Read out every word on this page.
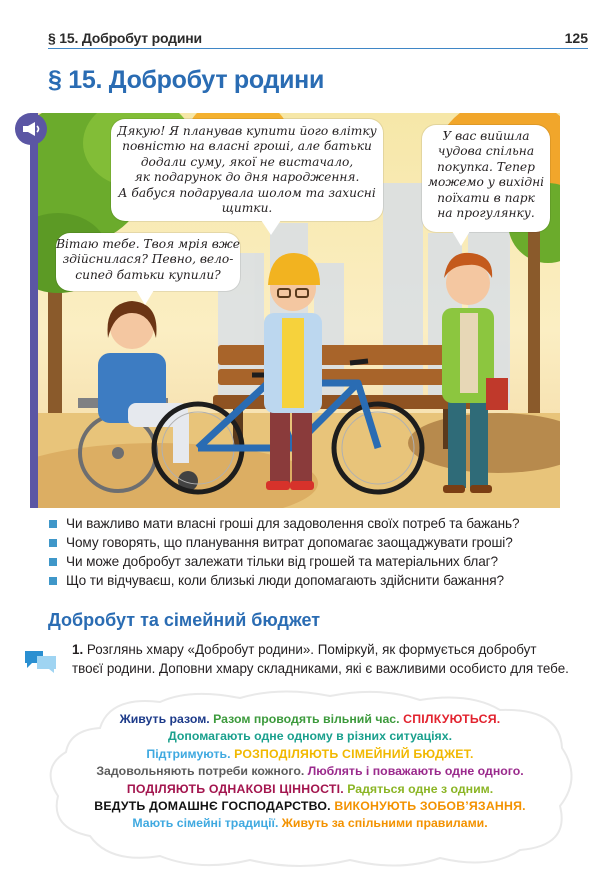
§ 15. Добробут родини	125
§ 15. Добробут родини
Дякую! Я планував купити його влітку
повністю на власні гроші, але батьки
додали суму, якої не вистачало,
як подарунок до дня народження.
А бабуся подарувала шолом та захисні
щитки.
У вас вийшла
чудова спільна
покупка. Тепер
можемо у вихідні
поїхати в парк
на прогулянку.
Вітаю тебе. Твоя мрія вже
здійснилася? Певно, вело-
сипед батьки купили?
Чи важливо мати власні гроші для задоволення своїх потреб та бажань?
Чому говорять, що планування витрат допомагає заощаджувати гроші?
Чи може добробут залежати тільки від грошей та матеріальних благ?
Що ти відчуваєш, коли близькі люди допомагають здійснити бажання?
Добробут та сімейний бюджет
1. Розглянь хмару «Добробут родини». Поміркуй, як формується добробут твоєї родини. Доповни хмару складниками, які є важливими особисто для тебе.
Живуть разом. Разом проводять вільний час. СПІЛКУЮТЬСЯ.
Допомагають одне одному в різних ситуаціях.
Підтримують. РОЗПОДІЛЯЮТЬ СІМЕЙНИЙ БЮДЖЕТ.
Задовольняють потреби кожного. Люблять і поважають одне одного.
ПОДІЛЯЮТЬ ОДНАКОВІ ЦІННОСТІ. Радяться одне з одним.
ВЕДУТЬ ДОМАШНЄ ГОСПОДАРСТВО. ВИКОНУЮТЬ ЗОБОВ’ЯЗАННЯ.
Мають сімейні традиції. Живуть за спільними правилами.
